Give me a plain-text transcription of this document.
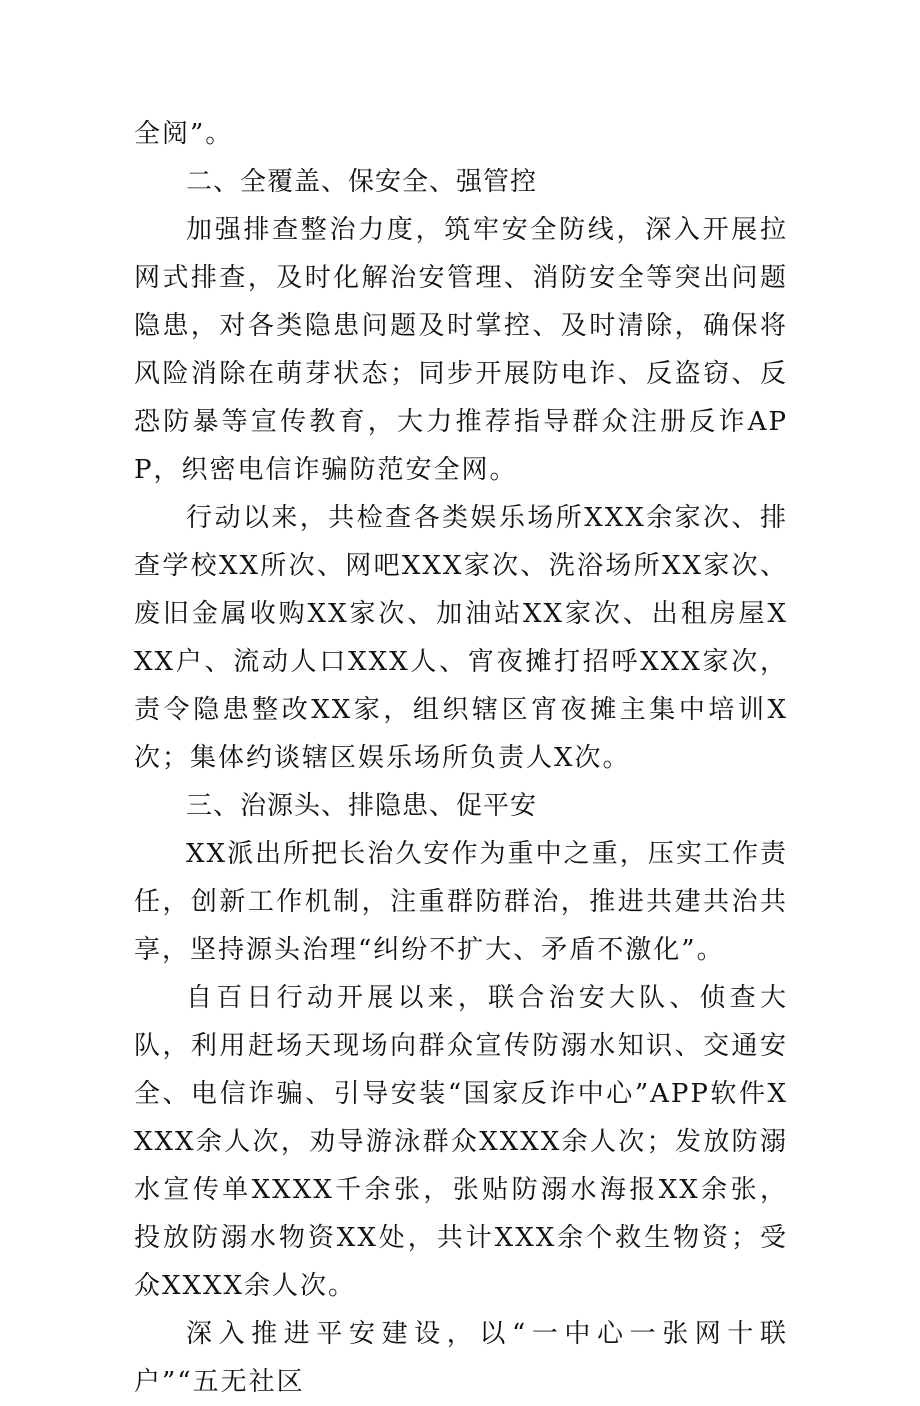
全阅”。

二、全覆盖、保安全、强管控

加强排查整治力度，筑牢安全防线，深入开展拉网式排查，及时化解治安管理、消防安全等突出问题隐患，对各类隐患问题及时掌控、及时清除，确保将风险消除在萌芽状态；同步开展防电诈、反盗窃、反恐防暴等宣传教育，大力推荐指导群众注册反诈APP，织密电信诈骗防范安全网。

行动以来，共检查各类娱乐场所XXX余家次、排查学校XX所次、网吧XXX家次、洗浴场所XX家次、废旧金属收购XX家次、加油站XX家次、出租房屋XXX户、流动人口XXX人、宵夜摊打招呼XXX家次，责令隐患整改XX家，组织辖区宵夜摊主集中培训X次；集体约谈辖区娱乐场所负责人X次。

三、治源头、排隐患、促平安

XX派出所把长治久安作为重中之重，压实工作责任，创新工作机制，注重群防群治，推进共建共治共享，坚持源头治理“纠纷不扩大、矛盾不激化”。

自百日行动开展以来，联合治安大队、侦查大队，利用赶场天现场向群众宣传防溺水知识、交通安全、电信诈骗、引导安装“国家反诈中心”APP软件XXXX余人次，劝导游泳群众XXXX余人次；发放防溺水宣传单XXXX千余张，张贴防溺水海报XX余张，投放防溺水物资XX处，共计XXX余个救生物资；受众XXXX余人次。

深入推进平安建设，以“一中心一张网十联户”“五无社区
